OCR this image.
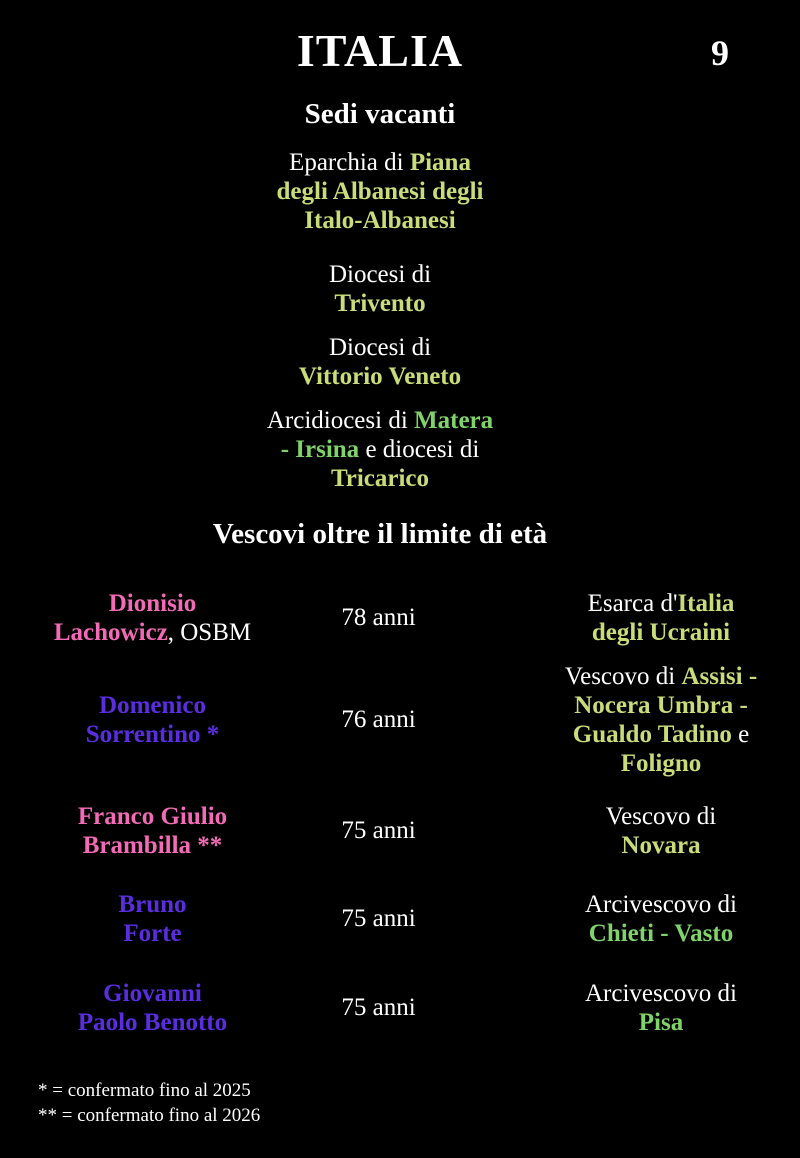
ITALIA	9
Sedi vacanti
Eparchia di Piana
degli Albanesi degli
Italo-Albanesi
Diocesi di
Trivento
Diocesi di
Vittorio Veneto
Arcidiocesi di Matera
- Irsina e diocesi di
Tricarico
Vescovi oltre il limite di età
Dionisio
Lachowicz, OSBM
78 anni
Esarca d'Italia
degli Ucraini
Domenico
Sorrentino *
76 anni
Vescovo di Assisi -
Nocera Umbra -
Gualdo Tadino e
Foligno
Franco Giulio
Brambilla **
75 anni
Vescovo di
Novara
Bruno
Forte
75 anni
Arcivescovo di
Chieti - Vasto
Giovanni
Paolo Benotto
75 anni
Arcivescovo di
Pisa
* = confermato fino al 2025
** = confermato fino al 2026
